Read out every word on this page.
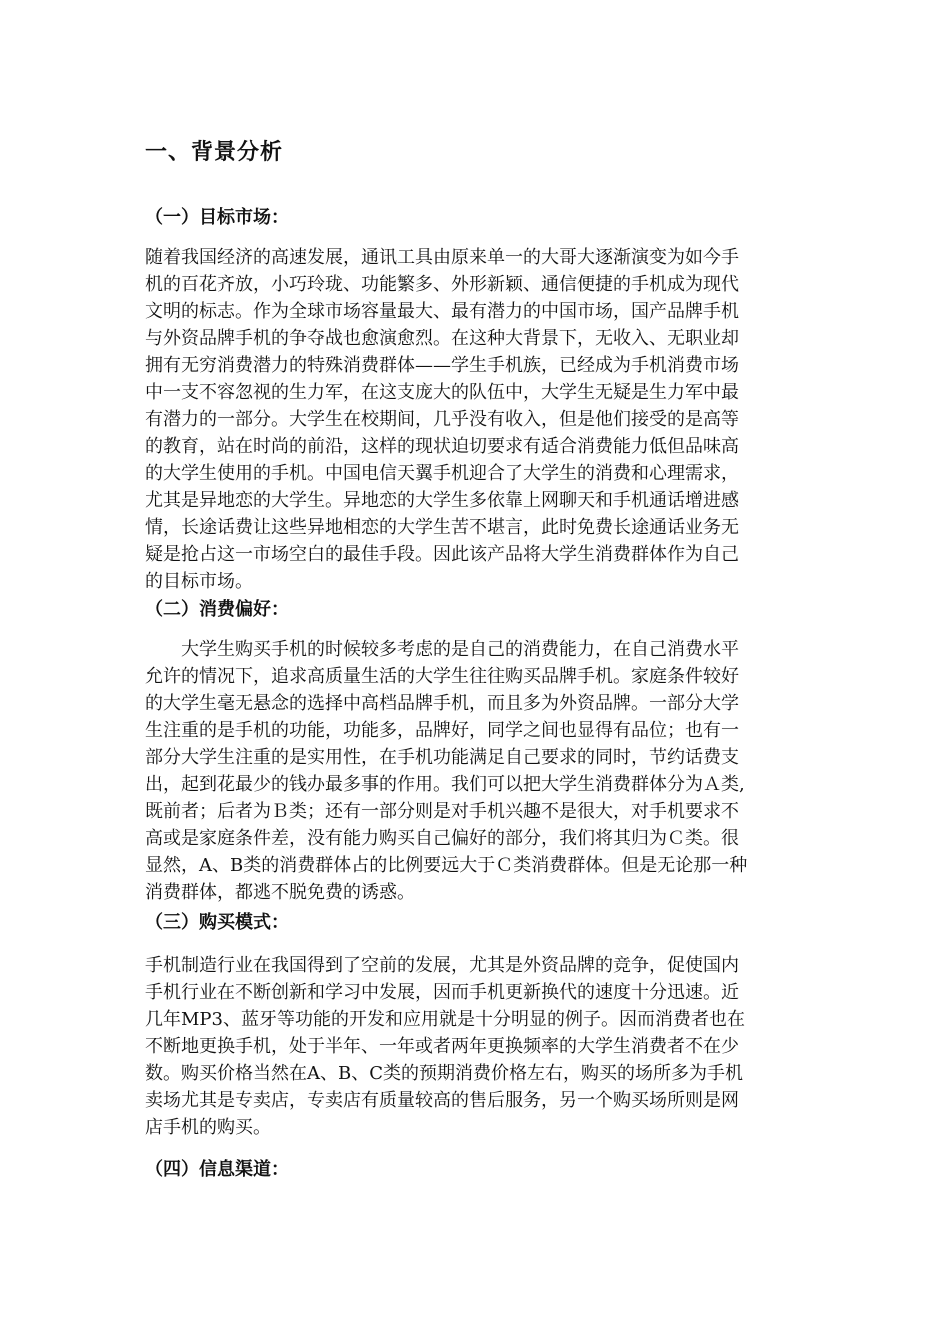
一、背景分析
（一）目标市场：
随着我国经济的高速发展，通讯工具由原来单一的大哥大逐渐演变为如今手
机的百花齐放，小巧玲珑、功能繁多、外形新颖、通信便捷的手机成为现代
文明的标志。作为全球市场容量最大、最有潜力的中国市场，国产品牌手机
与外资品牌手机的争夺战也愈演愈烈。在这种大背景下，无收入、无职业却
拥有无穷消费潜力的特殊消费群体——学生手机族，已经成为手机消费市场
中一支不容忽视的生力军，在这支庞大的队伍中，大学生无疑是生力军中最
有潜力的一部分。大学生在校期间，几乎没有收入，但是他们接受的是高等
的教育，站在时尚的前沿，这样的现状迫切要求有适合消费能力低但品味高
的大学生使用的手机。中国电信天翼手机迎合了大学生的消费和心理需求，
尤其是异地恋的大学生。异地恋的大学生多依靠上网聊天和手机通话增进感
情，长途话费让这些异地相恋的大学生苦不堪言，此时免费长途通话业务无
疑是抢占这一市场空白的最佳手段。因此该产品将大学生消费群体作为自己
的目标市场。
（二）消费偏好：
　　大学生购买手机的时候较多考虑的是自己的消费能力，在自己消费水平
允许的情况下，追求高质量生活的大学生往往购买品牌手机。家庭条件较好
的大学生毫无悬念的选择中高档品牌手机，而且多为外资品牌。一部分大学
生注重的是手机的功能，功能多，品牌好，同学之间也显得有品位；也有一
部分大学生注重的是实用性，在手机功能满足自己要求的同时，节约话费支
出，起到花最少的钱办最多事的作用。我们可以把大学生消费群体分为Ａ类,
既前者；后者为Ｂ类；还有一部分则是对手机兴趣不是很大，对手机要求不
高或是家庭条件差，没有能力购买自己偏好的部分，我们将其归为Ｃ类。很
显然，A、B类的消费群体占的比例要远大于Ｃ类消费群体。但是无论那一种
消费群体，都逃不脱免费的诱惑。
（三）购买模式：
手机制造行业在我国得到了空前的发展，尤其是外资品牌的竞争，促使国内
手机行业在不断创新和学习中发展，因而手机更新换代的速度十分迅速。近
几年MP3、蓝牙等功能的开发和应用就是十分明显的例子。因而消费者也在
不断地更换手机，处于半年、一年或者两年更换频率的大学生消费者不在少
数。购买价格当然在A、B、C类的预期消费价格左右，购买的场所多为手机
卖场尤其是专卖店，专卖店有质量较高的售后服务，另一个购买场所则是网
店手机的购买。
（四）信息渠道：
